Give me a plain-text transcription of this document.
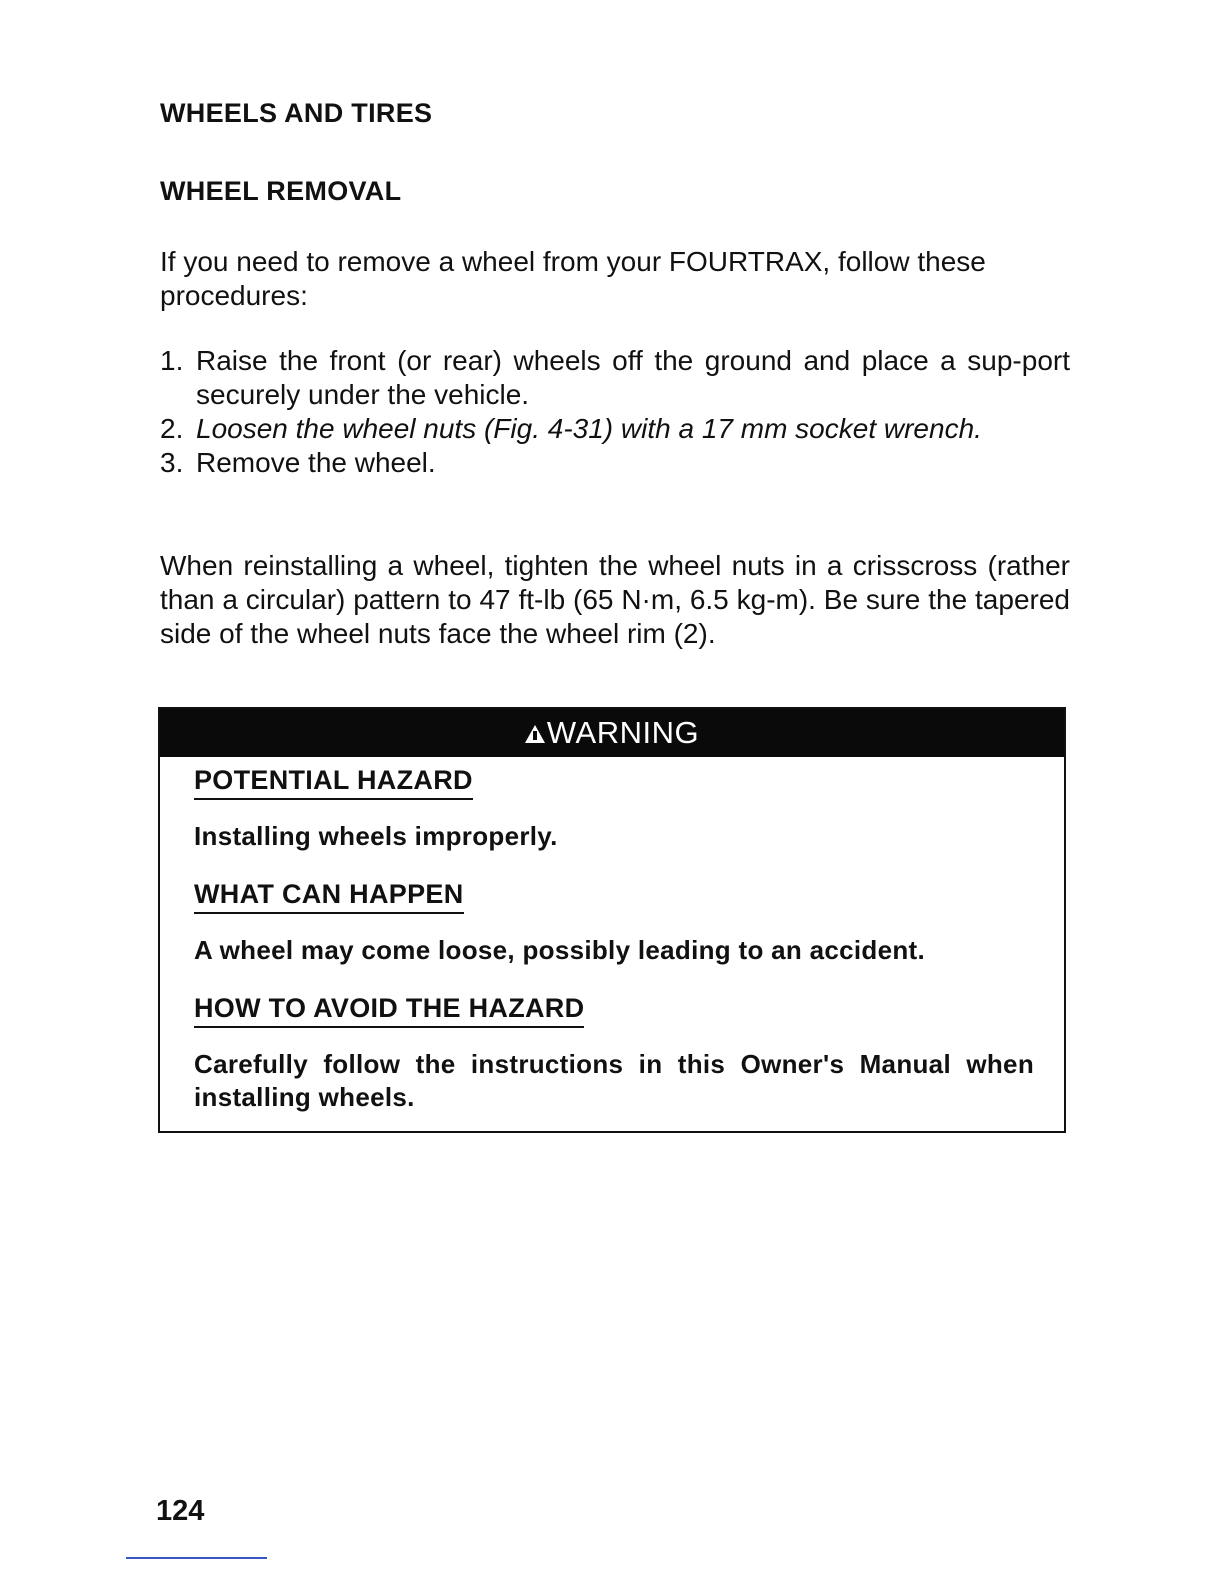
WHEELS AND TIRES
WHEEL REMOVAL
If you need to remove a wheel from your FOURTRAX, follow these procedures:
1. Raise the front (or rear) wheels off the ground and place a sup-port securely under the vehicle.
2. Loosen the wheel nuts (Fig. 4-31) with a 17 mm socket wrench.
3. Remove the wheel.
When reinstalling a wheel, tighten the wheel nuts in a crisscross (rather than a circular) pattern to 47 ft-lb (65 N·m, 6.5 kg-m). Be sure the tapered side of the wheel nuts face the wheel rim (2).
WARNING
POTENTIAL HAZARD
Installing wheels improperly.
WHAT CAN HAPPEN
A wheel may come loose, possibly leading to an accident.
HOW TO AVOID THE HAZARD
Carefully follow the instructions in this Owner's Manual when installing wheels.
124
